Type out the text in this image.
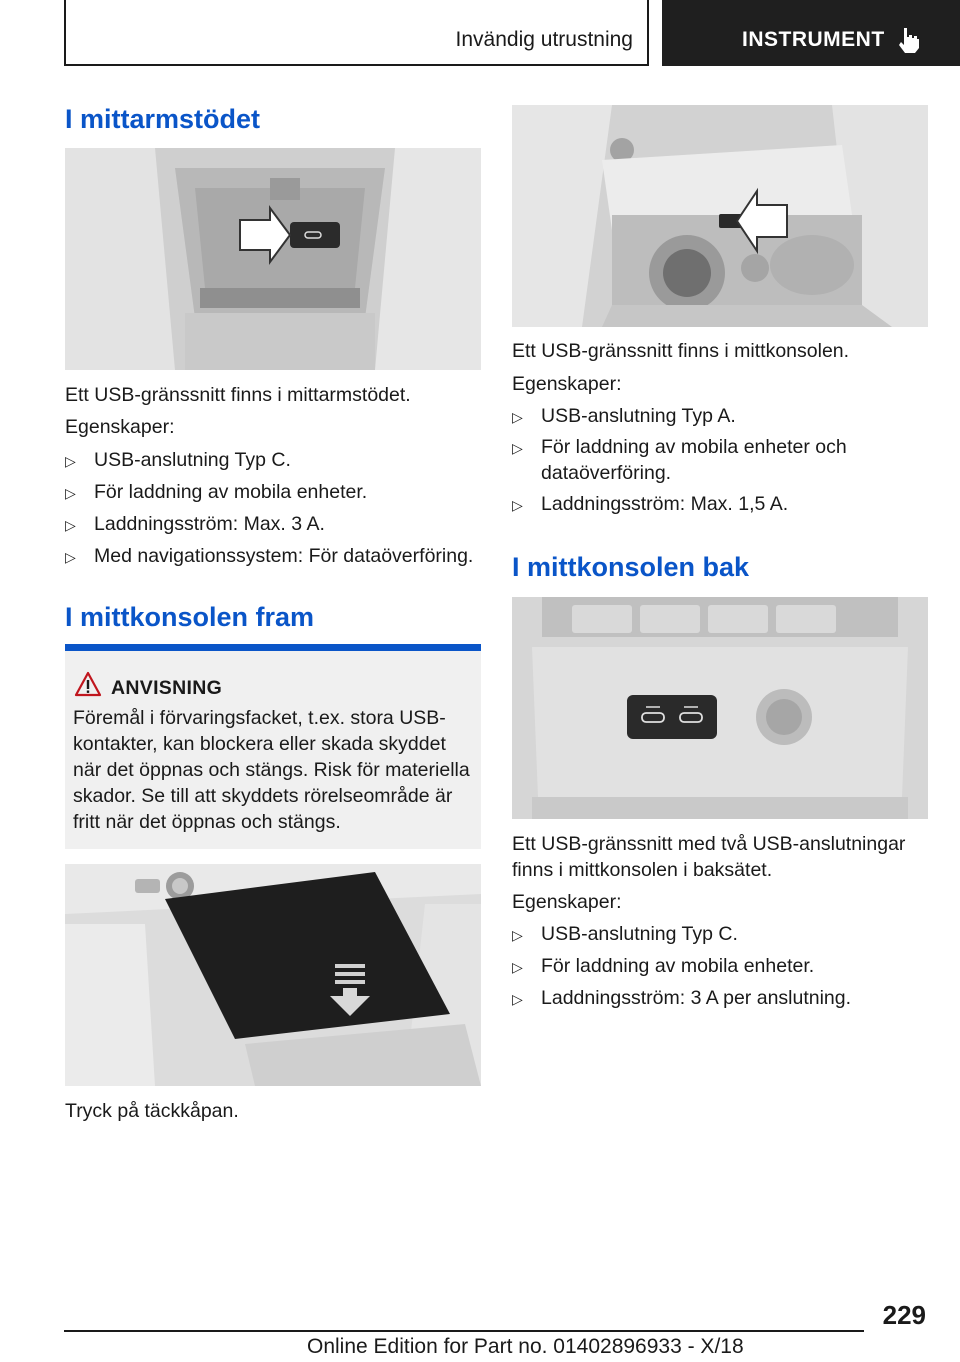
Invändig utrustning	INSTRUMENT
I mittarmstödet

Ett USB-gränssnitt finns i mittarmstödet.

Egenskaper:

▷ USB-anslutning Typ C.
▷ För laddning av mobila enheter.
▷ Laddningsström: Max. 3 A.
▷ Med navigationssystem: För dataöverföring.
I mittkonsolen fram
ANVISNING

Föremål i förvaringsfacket, t.ex. stora USB-kontakter, kan blockera eller skada skyddet när det öppnas och stängs. Risk för materiella skador. Se till att skyddets rörelseområde är fritt när det öppnas och stängs.

Tryck på täckkåpan.

Ett USB-gränssnitt finns i mittkonsolen.

Egenskaper:

▷ USB-anslutning Typ A.
▷ För laddning av mobila enheter och dataöverföring.
▷ Laddningsström: Max. 1,5 A.
I mittkonsolen bak

Ett USB-gränssnitt med två USB-anslutningar finns i mittkonsolen i baksätet.

Egenskaper:

▷ USB-anslutning Typ C.
▷ För laddning av mobila enheter.
▷ Laddningsström: 3 A per anslutning.
229
Online Edition for Part no. 01402896933 - X/18
